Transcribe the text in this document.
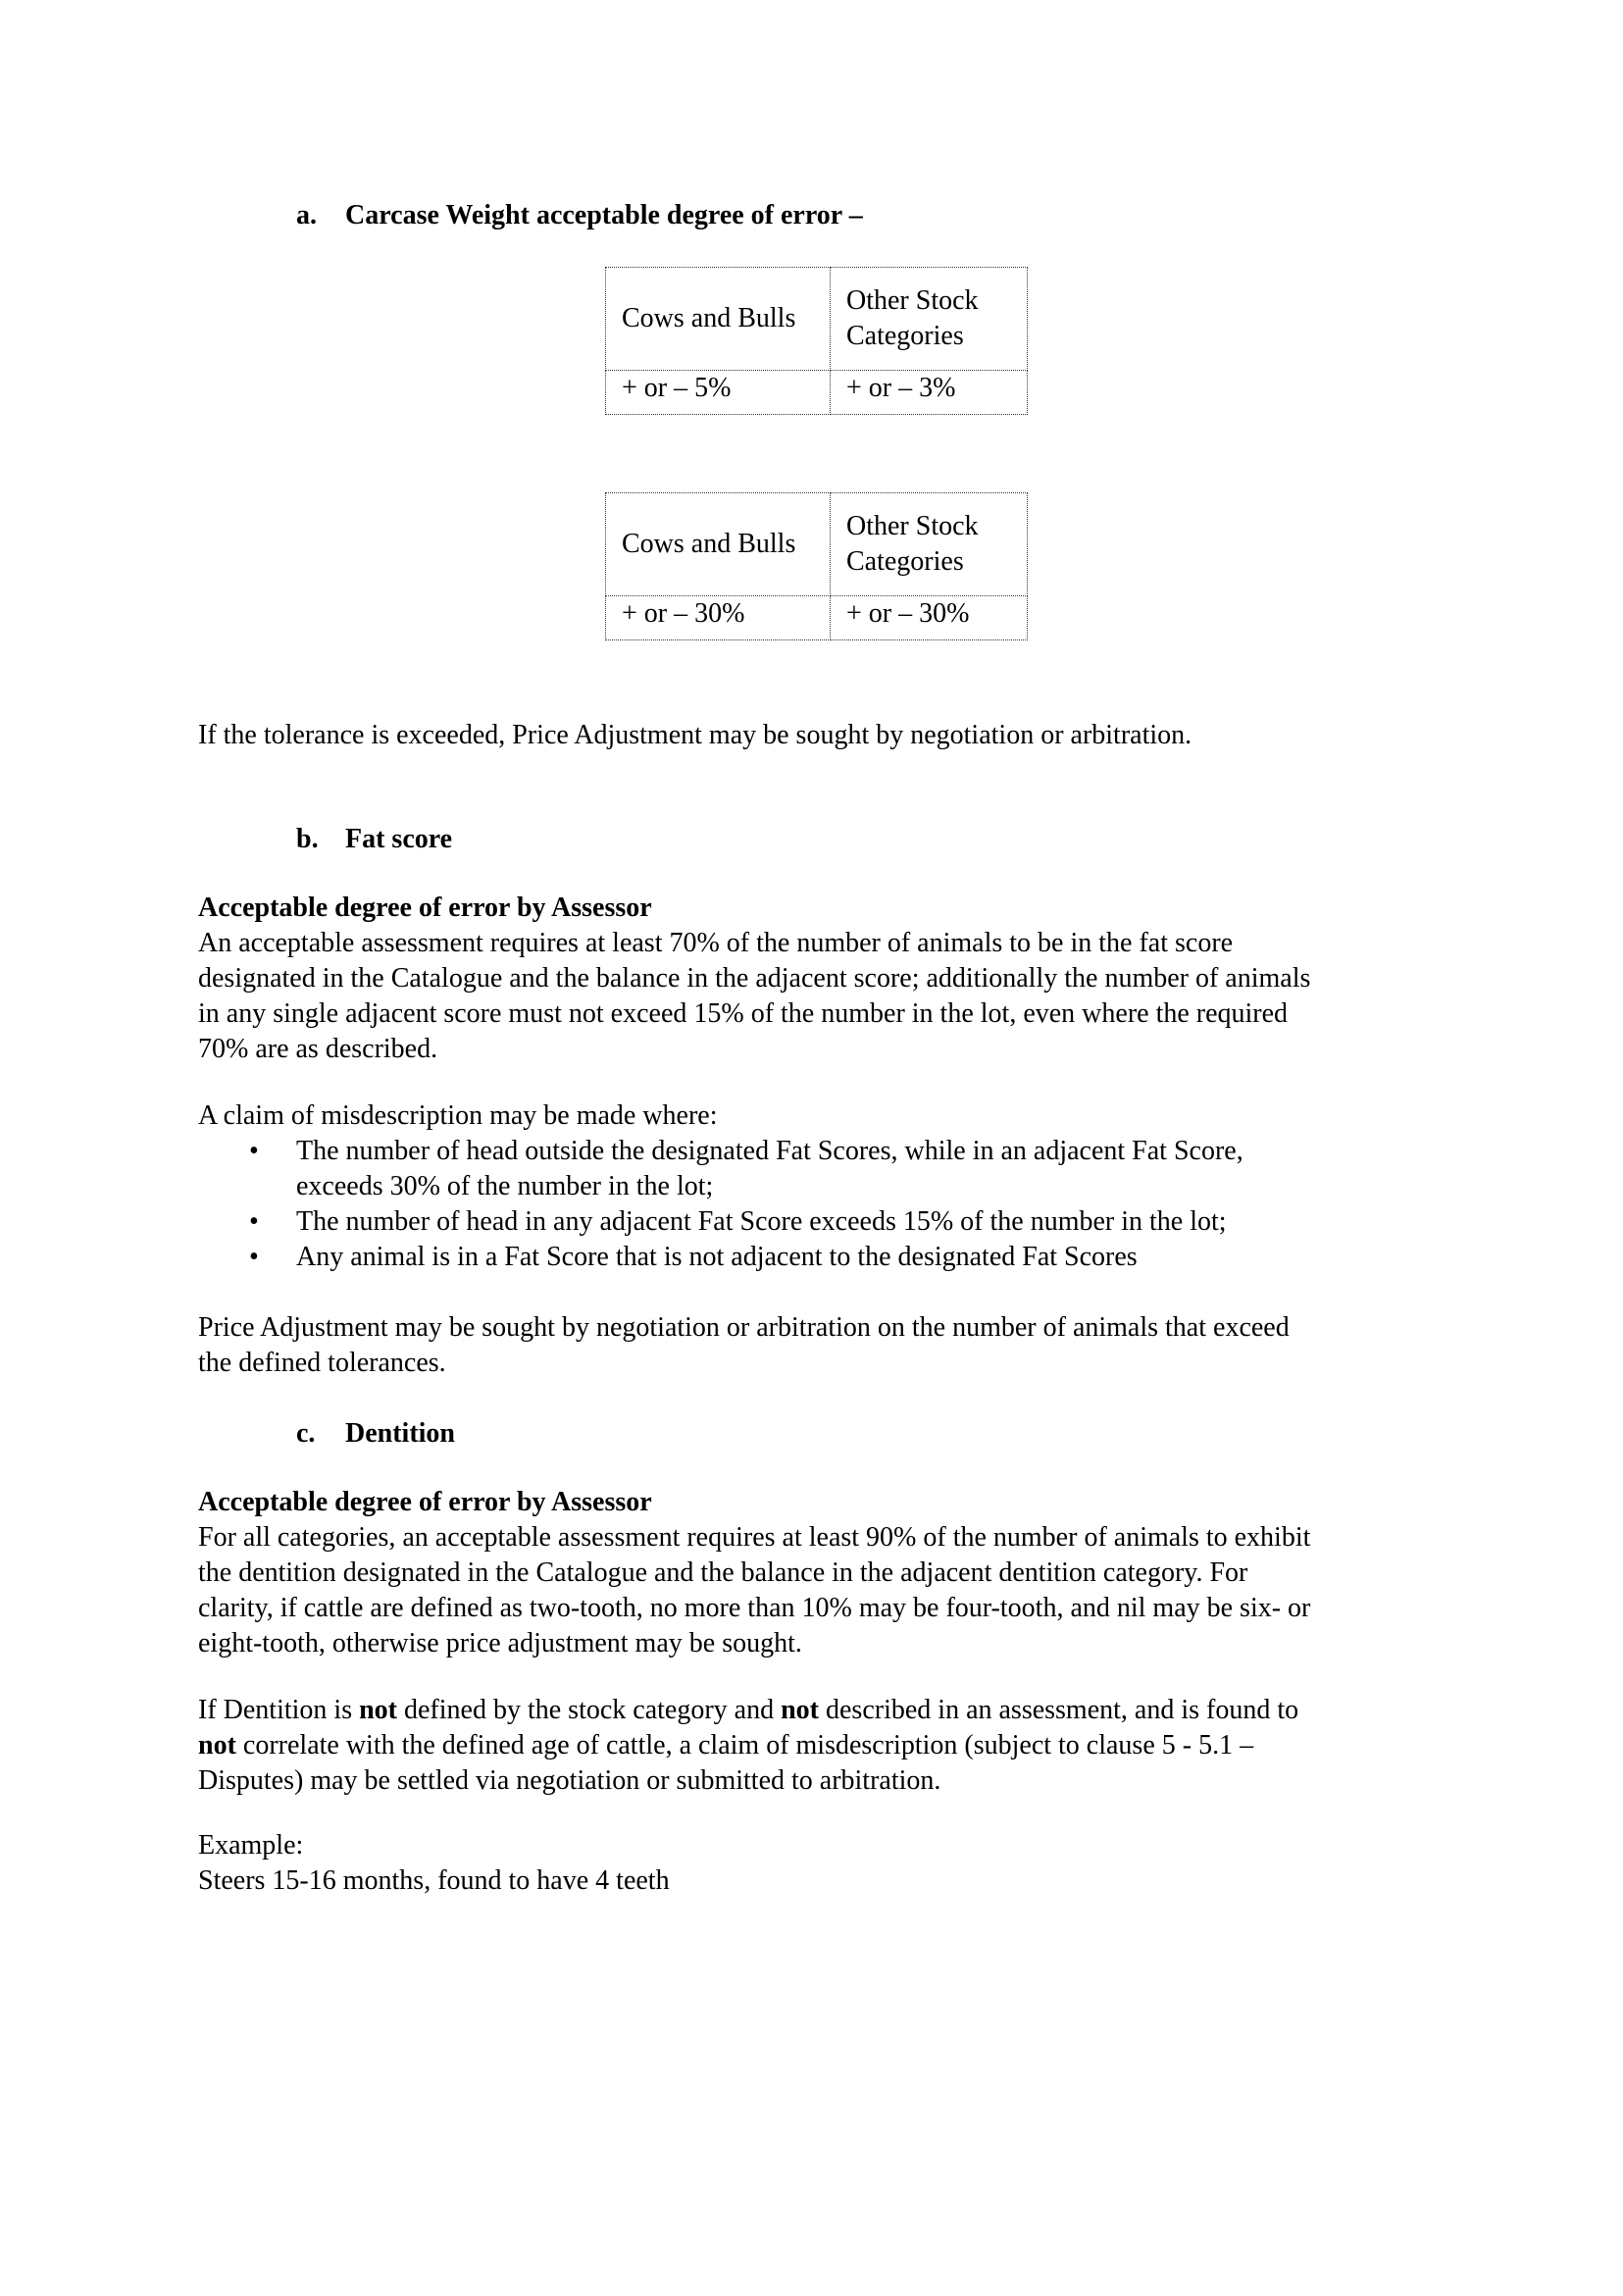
a. Carcase Weight acceptable degree of error –
Cows and Bulls	Other Stock
Categories

+ or – 5%	+ or – 3%
Cows and Bulls	Other Stock
Categories

+ or – 30%	+ or – 30%
If the tolerance is exceeded, Price Adjustment may be sought by negotiation or arbitration.
b. Fat score
Acceptable degree of error by Assessor
An acceptable assessment requires at least 70% of the number of animals to be in the fat score
designated in the Catalogue and the balance in the adjacent score; additionally the number of animals
in any single adjacent score must not exceed 15% of the number in the lot, even where the required
70% are as described.
A claim of misdescription may be made where:
• The number of head outside the designated Fat Scores, while in an adjacent Fat Score,
exceeds 30% of the number in the lot;
• The number of head in any adjacent Fat Score exceeds 15% of the number in the lot;
• Any animal is in a Fat Score that is not adjacent to the designated Fat Scores
Price Adjustment may be sought by negotiation or arbitration on the number of animals that exceed
the defined tolerances.
c. Dentition
Acceptable degree of error by Assessor
For all categories, an acceptable assessment requires at least 90% of the number of animals to exhibit
the dentition designated in the Catalogue and the balance in the adjacent dentition category. For
clarity, if cattle are defined as two-tooth, no more than 10% may be four-tooth, and nil may be six- or
eight-tooth, otherwise price adjustment may be sought.
If Dentition is not defined by the stock category and not described in an assessment, and is found to
not correlate with the defined age of cattle, a claim of misdescription (subject to clause 5 - 5.1 –
Disputes) may be settled via negotiation or submitted to arbitration.
Example:
Steers 15-16 months, found to have 4 teeth
